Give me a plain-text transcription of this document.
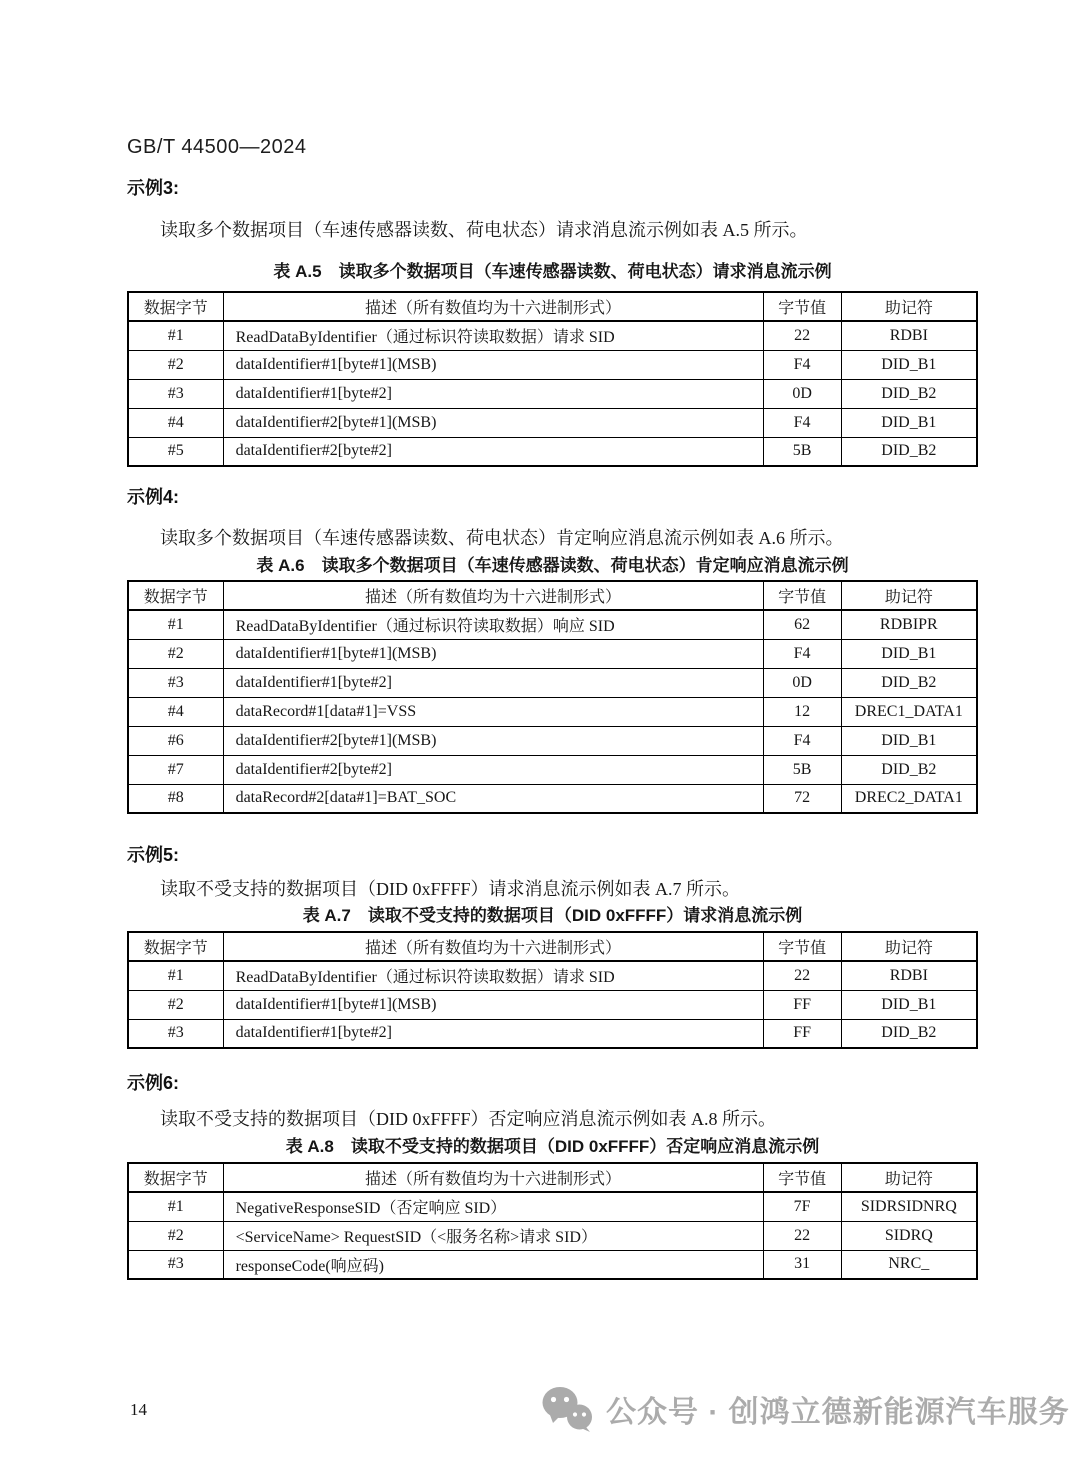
GB/T 44500—2024
示例3:

读取多个数据项目（车速传感器读数、荷电状态）请求消息流示例如表 A.5 所示。

表 A.5　读取多个数据项目（车速传感器读数、荷电状态）请求消息流示例
数据字节	描述（所有数值均为十六进制形式）	字节值	助记符
#1	ReadDataByIdentifier（通过标识符读取数据）请求 SID	22	RDBI
#2	dataIdentifier#1[byte#1](MSB)	F4	DID_B1
#3	dataIdentifier#1[byte#2]	0D	DID_B2
#4	dataIdentifier#2[byte#1](MSB)	F4	DID_B1
#5	dataIdentifier#2[byte#2]	5B	DID_B2
示例4:

读取多个数据项目（车速传感器读数、荷电状态）肯定响应消息流示例如表 A.6 所示。

表 A.6　读取多个数据项目（车速传感器读数、荷电状态）肯定响应消息流示例
数据字节	描述（所有数值均为十六进制形式）	字节值	助记符
#1	ReadDataByIdentifier（通过标识符读取数据）响应 SID	62	RDBIPR
#2	dataIdentifier#1[byte#1](MSB)	F4	DID_B1
#3	dataIdentifier#1[byte#2]	0D	DID_B2
#4	dataRecord#1[data#1]=VSS	12	DREC1_DATA1
#6	dataIdentifier#2[byte#1](MSB)	F4	DID_B1
#7	dataIdentifier#2[byte#2]	5B	DID_B2
#8	dataRecord#2[data#1]=BAT_SOC	72	DREC2_DATA1
示例5:

读取不受支持的数据项目（DID 0xFFFF）请求消息流示例如表 A.7 所示。

表 A.7　读取不受支持的数据项目（DID 0xFFFF）请求消息流示例
数据字节	描述（所有数值均为十六进制形式）	字节值	助记符
#1	ReadDataByIdentifier（通过标识符读取数据）请求 SID	22	RDBI
#2	dataIdentifier#1[byte#1](MSB)	FF	DID_B1
#3	dataIdentifier#1[byte#2]	FF	DID_B2
示例6:

读取不受支持的数据项目（DID 0xFFFF）否定响应消息流示例如表 A.8 所示。

表 A.8　读取不受支持的数据项目（DID 0xFFFF）否定响应消息流示例
数据字节	描述（所有数值均为十六进制形式）	字节值	助记符
#1	NegativeResponseSID（否定响应 SID）	7F	SIDRSIDNRQ
#2	<ServiceName> RequestSID（<服务名称>请求 SID）	22	SIDRQ
#3	responseCode(响应码)	31	NRC_
14	公众号 · 创鸿立德新能源汽车服务
